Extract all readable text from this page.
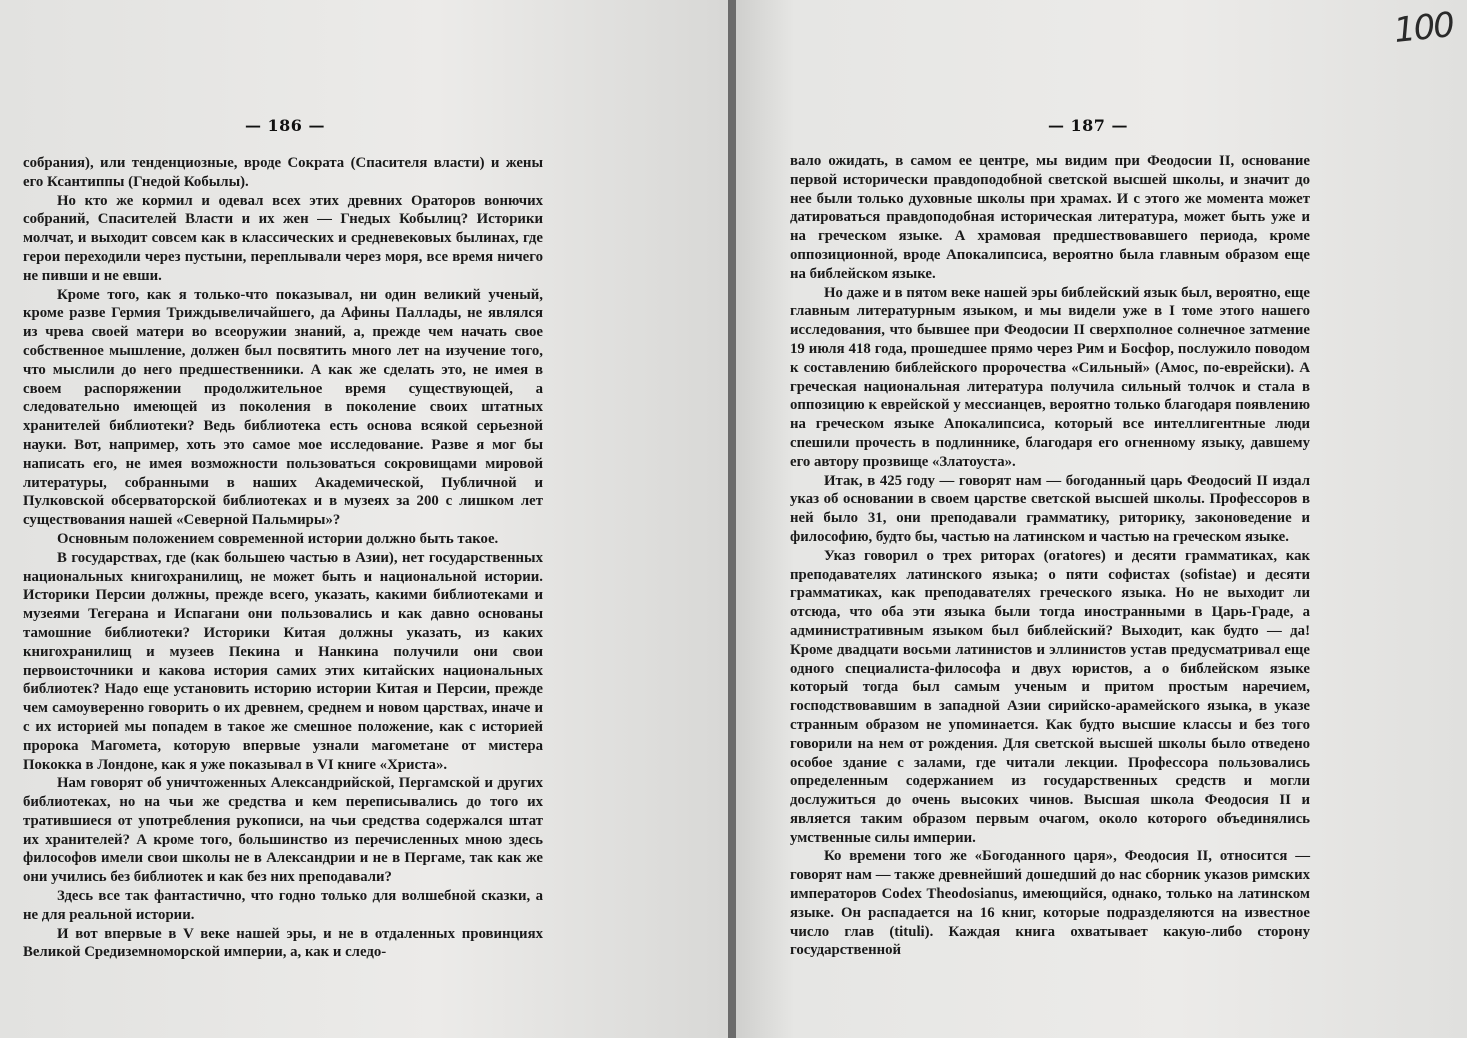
— 186 —

собрания), или тенденциозные, вроде Сократа (Спасителя власти) и жены его Ксантиппы (Гнедой Кобылы).

Но кто же кормил и одевал всех этих древних Ораторов вонючих собраний, Спасителей Власти и их жен — Гнедых Кобылиц? Историки молчат, и выходит совсем как в классических и средневековых былинах, где герои переходили через пустыни, переплывали через моря, все время ничего не пивши и не евши.

Кроме того, как я только-что показывал, ни один великий ученый, кроме разве Гермия Триждывеличайшего, да Афины Паллады, не являлся из чрева своей матери во всеоружии знаний, а, прежде чем начать свое собственное мышление, должен был посвятить много лет на изучение того, что мыслили до него предшественники. А как же сделать это, не имея в своем распоряжении продолжительное время существующей, а следовательно имеющей из поколения в поколение своих штатных хранителей библиотеки? Ведь библиотека есть основа всякой серьезной науки. Вот, например, хоть это самое мое исследование. Разве я мог бы написать его, не имея возможности пользоваться сокровищами мировой литературы, собранными в наших Академической, Публичной и Пулковской обсерваторской библиотеках и в музеях за 200 с лишком лет существования нашей «Северной Пальмиры»?

Основным положением современной истории должно быть такое.

В государствах, где (как большею частью в Азии), нет государственных национальных книгохранилищ, не может быть и национальной истории. Историки Персии должны, прежде всего, указать, какими библиотеками и музеями Тегерана и Испагани они пользовались и как давно основаны тамошние библиотеки? Историки Китая должны указать, из каких книгохранилищ и музеев Пекина и Нанкина получили они свои первоисточники и какова история самих этих китайских национальных библиотек? Надо еще установить историю истории Китая и Персии, прежде чем самоуверенно говорить о их древнем, среднем и новом царствах, иначе и с их историей мы попадем в такое же смешное положение, как с историей пророка Магомета, которую впервые узнали магометане от мистера Пококка в Лондоне, как я уже показывал в VI книге «Христа».

Нам говорят об уничтоженных Александрийской, Пергамской и других библиотеках, но на чьи же средства и кем переписывались до того их тратившиеся от употребления рукописи, на чьи средства содержался штат их хранителей? А кроме того, большинство из перечисленных мною здесь философов имели свои школы не в Александрии и не в Пергаме, так как же они учились без библиотек и как без них преподавали?

Здесь все так фантастично, что годно только для волшебной сказки, а не для реальной истории.

И вот впервые в V веке нашей эры, и не в отдаленных провинциях Великой Средиземноморской империи, а, как и следо-

100
— 187 —

вало ожидать, в самом ее центре, мы видим при Феодосии II, основание первой исторически правдоподобной светской высшей школы, и значит до нее были только духовные школы при храмах. И с этого же момента может датироваться правдоподобная историческая литература, может быть уже и на греческом языке. А храмовая предшествовавшего периода, кроме оппозиционной, вроде Апокалипсиса, вероятно была главным образом еще на библейском языке.

Но даже и в пятом веке нашей эры библейский язык был, вероятно, еще главным литературным языком, и мы видели уже в I томе этого нашего исследования, что бывшее при Феодосии II сверхполное солнечное затмение 19 июля 418 года, прошедшее прямо через Рим и Босфор, послужило поводом к составлению библейского пророчества «Сильный» (Амос, по-еврейски). А греческая национальная литература получила сильный толчок и стала в оппозицию к еврейской у мессианцев, вероятно только благодаря появлению на греческом языке Апокалипсиса, который все интеллигентные люди спешили прочесть в подлиннике, благодаря его огненному языку, давшему его автору прозвище «Златоуста».

Итак, в 425 году — говорят нам — богоданный царь Феодосий II издал указ об основании в своем царстве светской высшей школы. Профессоров в ней было 31, они преподавали грамматику, риторику, законоведение и философию, будто бы, частью на латинском и частью на греческом языке.

Указ говорил о трех риторах (oratores) и десяти грамматиках, как преподавателях латинского языка; о пяти софистах (sofistae) и десяти грамматиках, как преподавателях греческого языка. Но не выходит ли отсюда, что оба эти языка были тогда иностранными в Царь-Граде, а административным языком был библейский? Выходит, как будто — да! Кроме двадцати восьми латинистов и эллинистов устав предусматривал еще одного специалиста-философа и двух юристов, а о библейском языке который тогда был самым ученым и притом простым наречием, господствовавшим в западной Азии сирийско-арамейского языка, в указе странным образом не упоминается. Как будто высшие классы и без того говорили на нем от рождения. Для светской высшей школы было отведено особое здание с залами, где читали лекции. Профессора пользовались определенным содержанием из государственных средств и могли дослужиться до очень высоких чинов. Высшая школа Феодосия II и является таким образом первым очагом, около которого объединялись умственные силы империи.

Ко времени того же «Богоданного царя», Феодосия II, относится — говорят нам — также древнейший дошедший до нас сборник указов римских императоров Codex Theodosianus, имеющийся, однако, только на латинском языке. Он распадается на 16 книг, которые подразделяются на известное число глав (tituli). Каждая книга охватывает какую-либо сторону государственной
